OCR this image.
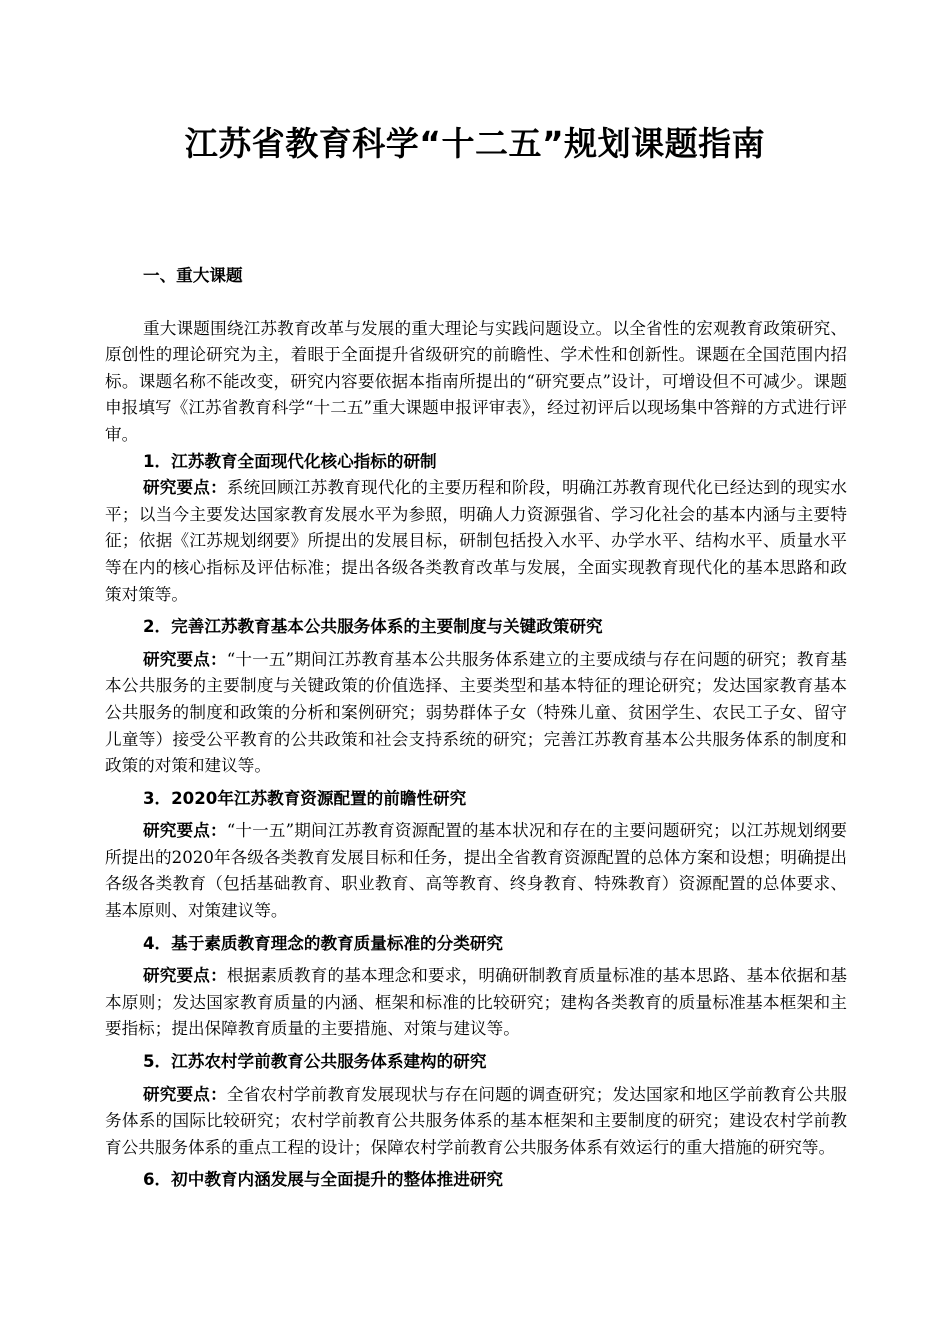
江苏省教育科学“十二五”规划课题指南
一、重大课题

重大课题围绕江苏教育改革与发展的重大理论与实践问题设立。以全省性的宏观教育政策研究、原创性的理论研究为主，着眼于全面提升省级研究的前瞻性、学术性和创新性。课题在全国范围内招标。课题名称不能改变，研究内容要依据本指南所提出的“研究要点”设计，可增设但不可减少。课题申报填写《江苏省教育科学“十二五”重大课题申报评审表》，经过初评后以现场集中答辩的方式进行评审。

1．江苏教育全面现代化核心指标的研制

研究要点：系统回顾江苏教育现代化的主要历程和阶段，明确江苏教育现代化已经达到的现实水平；以当今主要发达国家教育发展水平为参照，明确人力资源强省、学习化社会的基本内涵与主要特征；依据《江苏规划纲要》所提出的发展目标，研制包括投入水平、办学水平、结构水平、质量水平等在内的核心指标及评估标准；提出各级各类教育改革与发展，全面实现教育现代化的基本思路和政策对策等。

2．完善江苏教育基本公共服务体系的主要制度与关键政策研究

研究要点：“十一五”期间江苏教育基本公共服务体系建立的主要成绩与存在问题的研究；教育基本公共服务的主要制度与关键政策的价值选择、主要类型和基本特征的理论研究；发达国家教育基本公共服务的制度和政策的分析和案例研究；弱势群体子女（特殊儿童、贫困学生、农民工子女、留守儿童等）接受公平教育的公共政策和社会支持系统的研究；完善江苏教育基本公共服务体系的制度和政策的对策和建议等。

3．2020年江苏教育资源配置的前瞻性研究

研究要点：“十一五”期间江苏教育资源配置的基本状况和存在的主要问题研究；以江苏规划纲要所提出的2020年各级各类教育发展目标和任务，提出全省教育资源配置的总体方案和设想；明确提出各级各类教育（包括基础教育、职业教育、高等教育、终身教育、特殊教育）资源配置的总体要求、基本原则、对策建议等。

4．基于素质教育理念的教育质量标准的分类研究

研究要点：根据素质教育的基本理念和要求，明确研制教育质量标准的基本思路、基本依据和基本原则；发达国家教育质量的内涵、框架和标准的比较研究；建构各类教育的质量标准基本框架和主要指标；提出保障教育质量的主要措施、对策与建议等。

5．江苏农村学前教育公共服务体系建构的研究

研究要点：全省农村学前教育发展现状与存在问题的调查研究；发达国家和地区学前教育公共服务体系的国际比较研究；农村学前教育公共服务体系的基本框架和主要制度的研究；建设农村学前教育公共服务体系的重点工程的设计；保障农村学前教育公共服务体系有效运行的重大措施的研究等。

6．初中教育内涵发展与全面提升的整体推进研究
